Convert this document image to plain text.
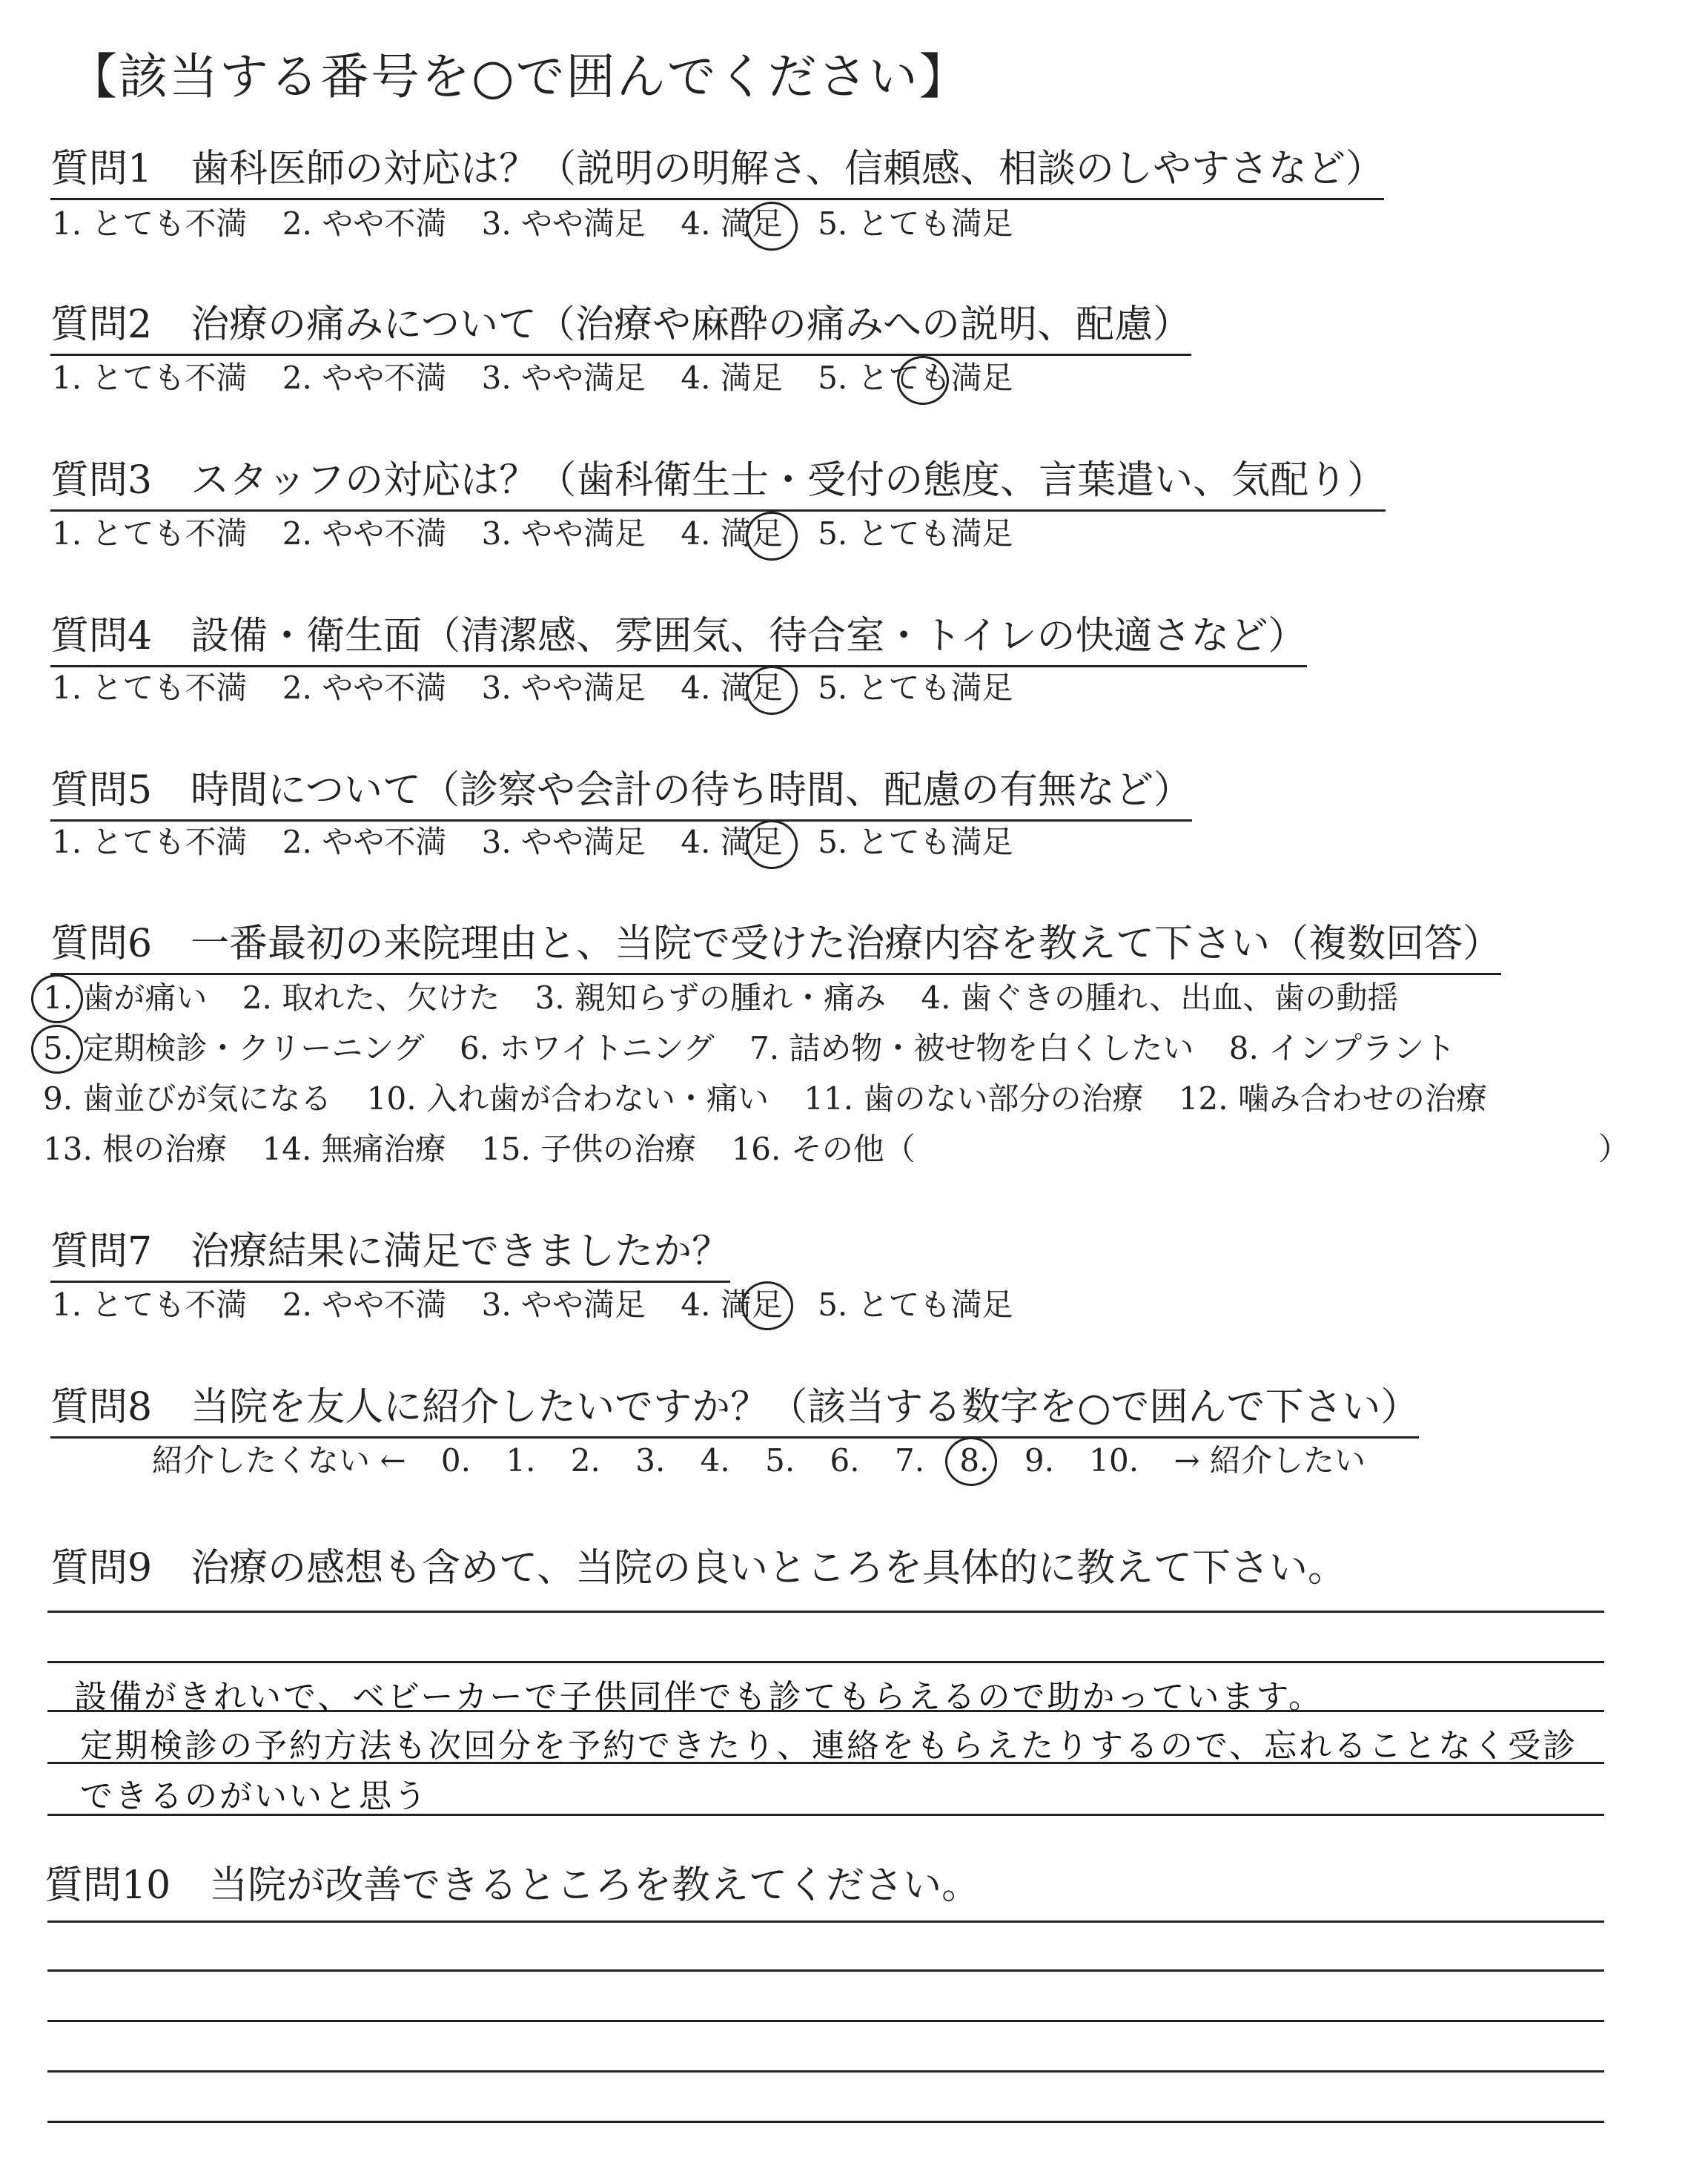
【該当する番号を○で囲んでください】
質問1　歯科医師の対応は？（説明の明解さ、信頼感、相談のしやすさなど）
1. とても不満 2. やや不満 3. やや満足 4. 満足 5. とても満足
質問2　治療の痛みについて（治療や麻酔の痛みへの説明、配慮）
1. とても不満 2. やや不満 3. やや満足 4. 満足 5. とても満足
質問3　スタッフの対応は？（歯科衛生士・受付の態度、言葉遣い、気配り）
1. とても不満 2. やや不満 3. やや満足 4. 満足 5. とても満足
質問4　設備・衛生面（清潔感、雰囲気、待合室・トイレの快適さなど）
1. とても不満 2. やや不満 3. やや満足 4. 満足 5. とても満足
質問5　時間について（診察や会計の待ち時間、配慮の有無など）
1. とても不満 2. やや不満 3. やや満足 4. 満足 5. とても満足
質問6　一番最初の来院理由と、当院で受けた治療内容を教えて下さい（複数回答）
1. 歯が痛い 2. 取れた、欠けた 3. 親知らずの腫れ・痛み 4. 歯ぐきの腫れ、出血、歯の動揺
5. 定期検診・クリーニング 6. ホワイトニング 7. 詰め物・被せ物を白くしたい 8. インプラント
9. 歯並びが気になる 10. 入れ歯が合わない・痛い 11. 歯のない部分の治療 12. 噛み合わせの治療
13. 根の治療 14. 無痛治療 15. 子供の治療 16. その他（	）
質問7　治療結果に満足できましたか？
1. とても不満 2. やや不満 3. やや満足 4. 満足 5. とても満足
質問8　当院を友人に紹介したいですか？（該当する数字を○で囲んで下さい）
紹介したくない ← 0. 1. 2. 3. 4. 5. 6. 7. 8. 9. 10. → 紹介したい
質問9　治療の感想も含めて、当院の良いところを具体的に教えて下さい。
設備がきれいで、ベビーカーで子供同伴でも診てもらえるので助かっています。
定期検診の予約方法も次回分を予約できたり、連絡をもらえたりするので、忘れることなく受診
できるのがいいと思う
質問10　当院が改善できるところを教えてください。
